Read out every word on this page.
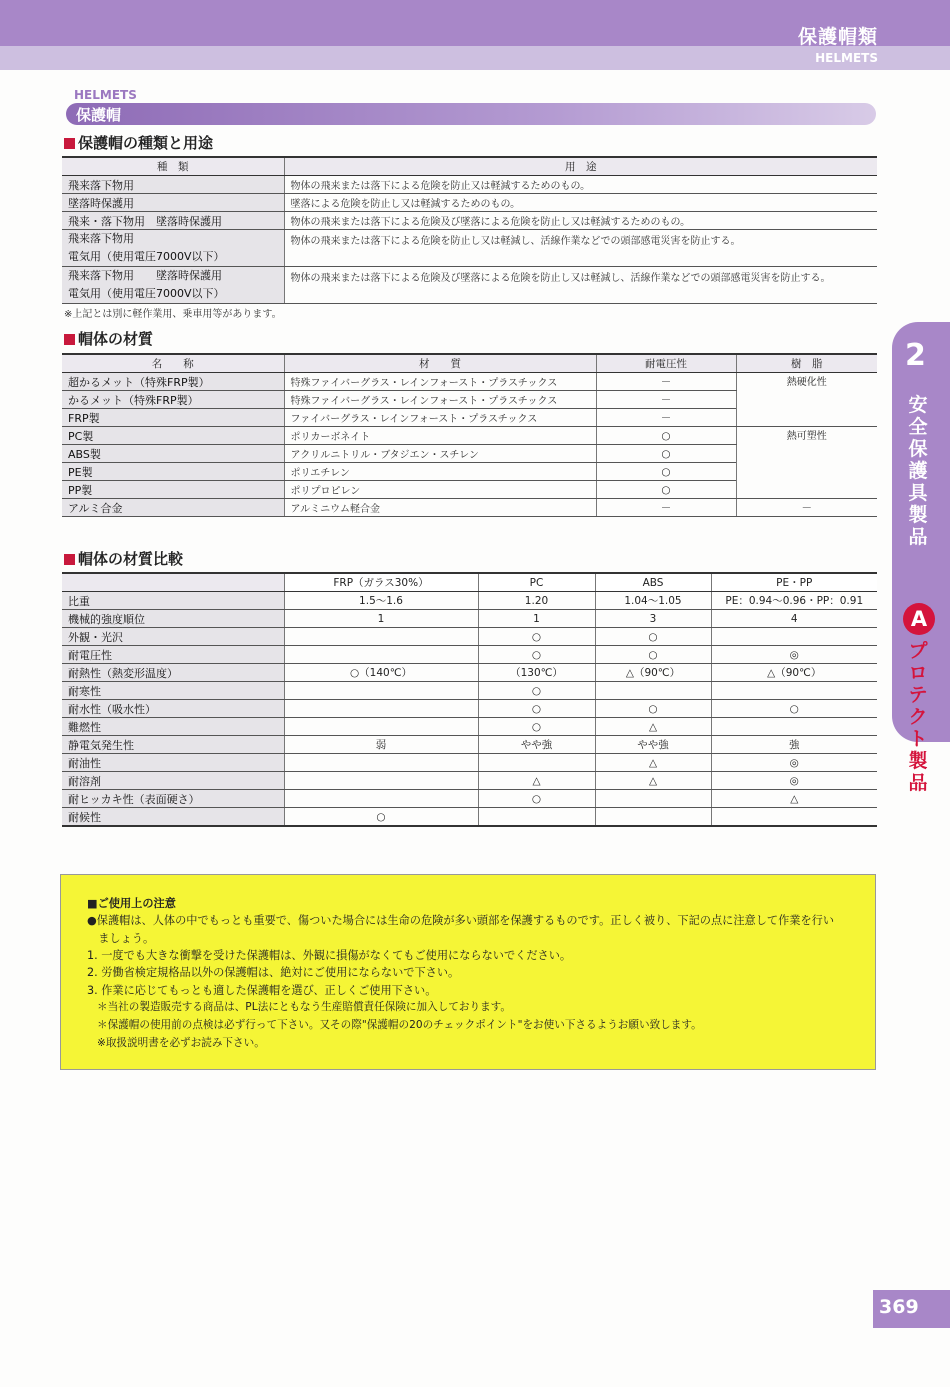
保護帽類
HELMETS
HELMETS
保護帽
保護帽の種類と用途
種　類	用　途
飛来落下物用	物体の飛来または落下による危険を防止又は軽減するためのもの。
墜落時保護用	墜落による危険を防止し又は軽減するためのもの。
飛来・落下物用　墜落時保護用	物体の飛来または落下による危険及び墜落による危険を防止し又は軽減するためのもの。
飛来落下物用
電気用（使用電圧7000V以下）	物体の飛来または落下による危険を防止し又は軽減し、活線作業などでの頭部感電災害を防止する。
飛来落下物用　　墜落時保護用
電気用（使用電圧7000V以下）	物体の飛来または落下による危険及び墜落による危険を防止し又は軽減し、活線作業などでの頭部感電災害を防止する。
※上記とは別に軽作業用、乗車用等があります。
帽体の材質
名　　称	材　　質	耐電圧性	樹　脂
超かるメット（特殊FRP製）	特殊ファイバーグラス・レインフォースト・プラスチックス	－	熱硬化性
かるメット（特殊FRP製）	特殊ファイバーグラス・レインフォースト・プラスチックス	－	
FRP製	ファイバーグラス・レインフォースト・プラスチックス	－	
PC製	ポリカーボネイト	○	熱可塑性
ABS製	アクリルニトリル・ブタジエン・スチレン	○	
PE製	ポリエチレン	○	
PP製	ポリプロピレン	○	
アルミ合金	アルミニウム軽合金	－	－
帽体の材質比較
	FRP（ガラス30%）	PC	ABS	PE・PP
比重	1.5〜1.6	1.20	1.04〜1.05	PE：0.94〜0.96・PP：0.91
機械的強度順位	1	1	3	4
外観・光沢		○	○	
耐電圧性		○	○	◎
耐熱性（熱変形温度）	○（140℃）	（130℃）	△（90℃）	△（90℃）
耐寒性		○		
耐水性（吸水性）		○	○	○
難燃性		○	△	
静電気発生性	弱	やや強	やや強	強
耐油性			△	◎
耐溶剤		△	△	◎
耐ヒッカキ性（表面硬さ）		○		△
耐候性	○			
2
安全保護具製品
A
プロテクト製品
■ご使用上の注意
●保護帽は、人体の中でもっとも重要で、傷ついた場合には生命の危険が多い頭部を保護するものです。正しく被り、下記の点に注意して作業を行い
　ましょう。
1. 一度でも大きな衝撃を受けた保護帽は、外観に損傷がなくてもご使用にならないでください。
2. 労働省検定規格品以外の保護帽は、絶対にご使用にならないで下さい。
3. 作業に応じてもっとも適した保護帽を選び、正しくご使用下さい。
＊当社の製造販売する商品は、PL法にともなう生産賠償責任保険に加入しております。
＊保護帽の使用前の点検は必ず行って下さい。又その際"保護帽の20のチェックポイント"をお使い下さるようお願い致します。
※取扱説明書を必ずお読み下さい。
369
